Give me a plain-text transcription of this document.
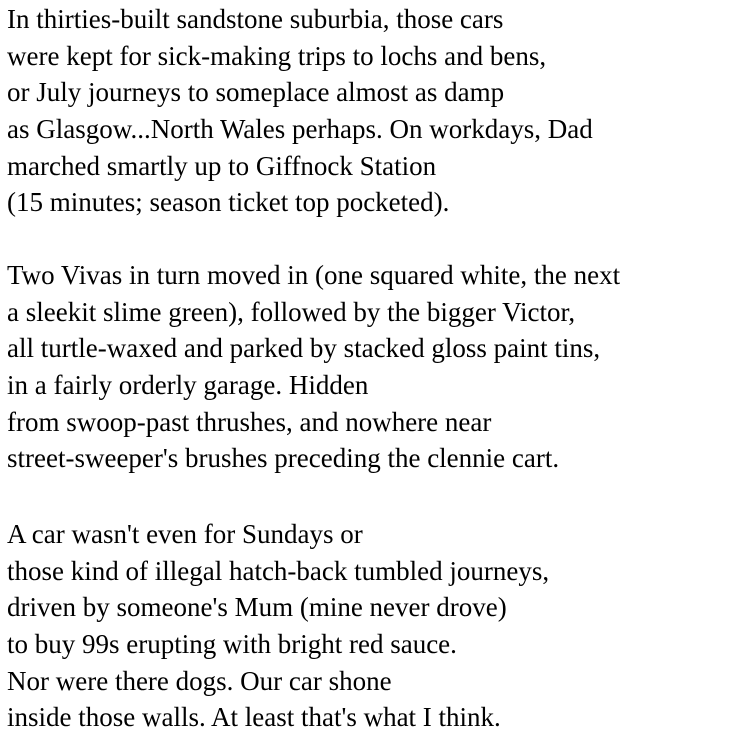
In thirties-built sandstone suburbia, those cars
were kept for sick-making trips to lochs and bens,
or July journeys to someplace almost as damp
as Glasgow...North Wales perhaps. On workdays, Dad
marched smartly up to Giffnock Station
(15 minutes; season ticket top pocketed).
Two Vivas in turn moved in (one squared white, the next
a sleekit slime green), followed by the bigger Victor,
all turtle-waxed and parked by stacked gloss paint tins,
in a fairly orderly garage. Hidden
from swoop-past thrushes, and nowhere near
street-sweeper's brushes preceding the clennie cart.
A car wasn't even for Sundays or
those kind of illegal hatch-back tumbled journeys,
driven by someone's Mum (mine never drove)
to buy 99s erupting with bright red sauce.
Nor were there dogs. Our car shone
inside those walls. At least that's what I think.
